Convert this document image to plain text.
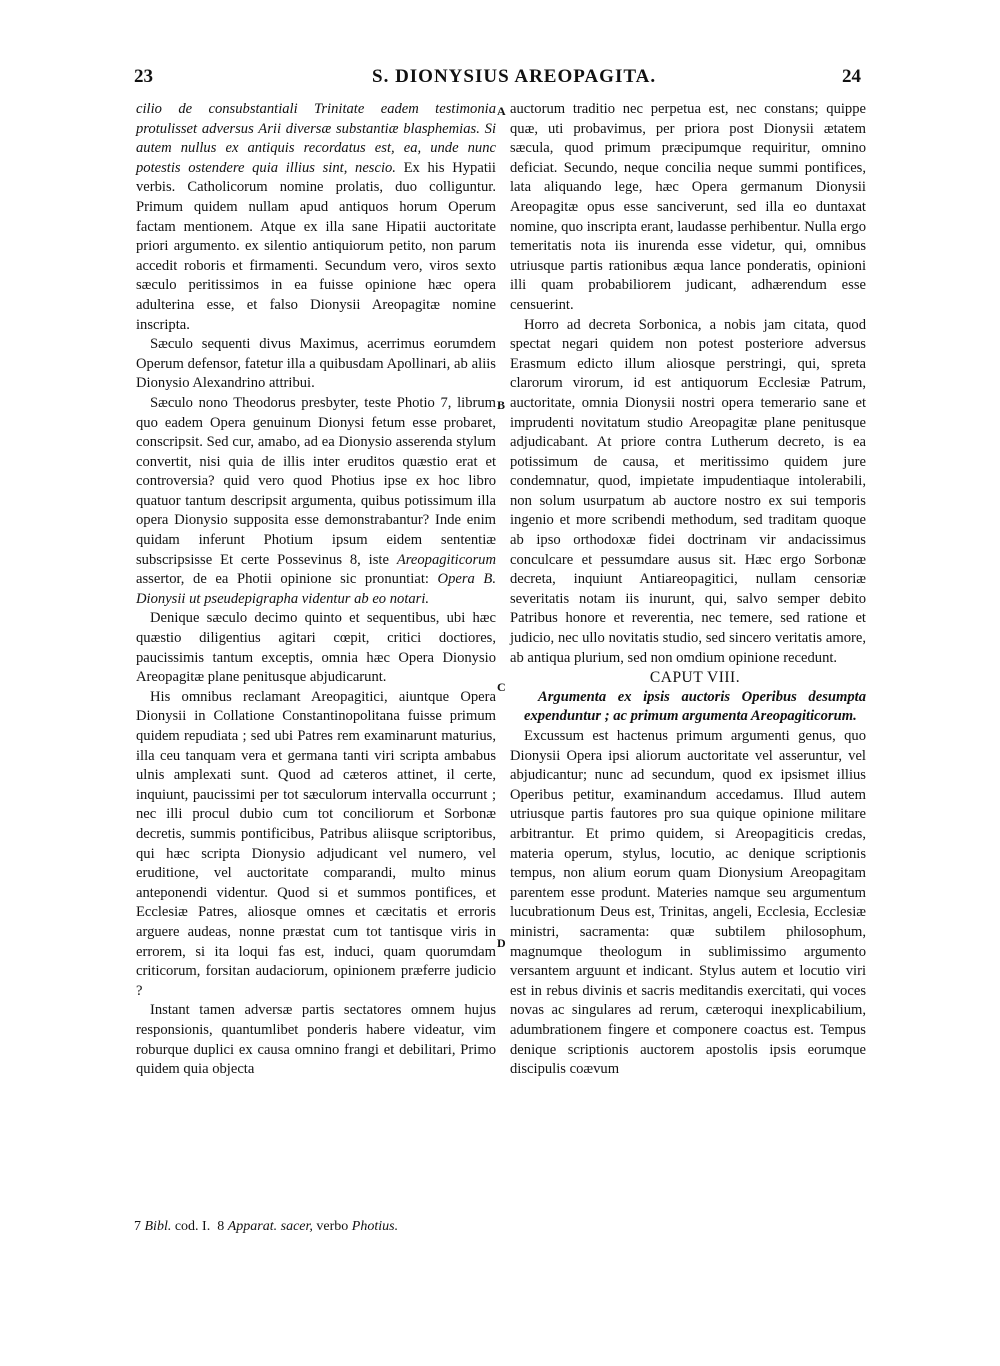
23	S. DIONYSIUS AREOPAGITA.	24
A
B
C
D

cilio de consubstantiali Trinitate eadem testimonia protulisset adversus Arii diversæ substantiæ blasphemias. Si autem nullus ex antiquis recordatus est, ea, unde nunc potestis ostendere quia illius sint, nescio. Ex his Hypatii verbis. Catholicorum nomine prolatis, duo colliguntur. Primum quidem nullam apud antiquos horum Operum factam mentionem. Atque ex illa sane Hipatii auctoritate priori argumento. ex silentio antiquiorum petito, non parum accedit roboris et firmamenti. Secundum vero, viros sexto sæculo peritissimos in ea fuisse opinione hæc opera adulterina esse, et falso Dionysii Areopagitæ nomine inscripta.

Sæculo sequenti divus Maximus, acerrimus eorumdem Operum defensor, fatetur illa a quibusdam Apollinari, ab aliis Dionysio Alexandrino attribui.

Sæculo nono Theodorus presbyter, teste Photio 7, librum quo eadem Opera genuinum Dionysi fetum esse probaret, conscripsit. Sed cur, amabo, ad ea Dionysio asserenda stylum convertit, nisi quia de illis inter eruditos quæstio erat et controversia? quid vero quod Photius ipse ex hoc libro quatuor tantum descripsit argumenta, quibus potissimum illa opera Dionysio supposita esse demonstrabantur? Inde enim quidam inferunt Photium ipsum eidem sententiæ subscripsisse Et certe Possevinus 8, iste Areopagiticorum assertor, de ea Photii opinione sic pronuntiat: Opera B. Dionysii ut pseudepigrapha videntur ab eo notari.

Denique sæculo decimo quinto et sequentibus, ubi hæc quæstio diligentius agitari cœpit, critici doctiores, paucissimis tantum exceptis, omnia hæc Opera Dionysio Areopagitæ plane penitusque abjudicarunt.

His omnibus reclamant Areopagitici, aiuntque Opera Dionysii in Collatione Constantinopolitana fuisse primum quidem repudiata ; sed ubi Patres rem examinarunt maturius, illa ceu tanquam vera et germana tanti viri scripta ambabus ulnis amplexati sunt. Quod ad cæteros attinet, il certe, inquiunt, paucissimi per tot sæculorum intervalla occurrunt ; nec illi procul dubio cum tot conciliorum et Sorbonæ decretis, summis pontificibus, Patribus aliisque scriptoribus, qui hæc scripta Dionysio adjudicant vel numero, vel eruditione, vel auctoritate comparandi, multo minus anteponendi videntur. Quod si et summos pontifices, et Ecclesiæ Patres, aliosque omnes et cæcitatis et erroris arguere audeas, nonne præstat cum tot tantisque viris in errorem, si ita loqui fas est, induci, quam quorumdam criticorum, forsitan audaciorum, opinionem præferre judicio ?

Instant tamen adversæ partis sectatores omnem hujus responsionis, quantumlibet ponderis habere videatur, vim roburque duplici ex causa omnino frangi et debilitari, Primo quidem quia objecta

auctorum traditio nec perpetua est, nec constans; quippe quæ, uti probavimus, per priora post Dionysii ætatem sæcula, quod primum præcipumque requiritur, omnino deficiat. Secundo, neque concilia neque summi pontifices, lata aliquando lege, hæc Opera germanum Dionysii Areopagitæ opus esse sanciverunt, sed illa eo duntaxat nomine, quo inscripta erant, laudasse perhibentur. Nulla ergo temeritatis nota iis inurenda esse videtur, qui, omnibus utriusque partis rationibus æqua lance ponderatis, opinioni illi quam probabiliorem judicant, adhærendum esse censuerint.

Horro ad decreta Sorbonica, a nobis jam citata, quod spectat negari quidem non potest posteriore adversus Erasmum edicto illum aliosque perstringi, qui, spreta clarorum virorum, id est antiquorum Ecclesiæ Patrum, auctoritate, omnia Dionysii nostri opera temerario sane et imprudenti novitatum studio Areopagitæ plane penitusque adjudicabant. At priore contra Lutherum decreto, is ea potissimum de causa, et meritissimo quidem jure condemnatur, quod, impietate impudentiaque intolerabili, non solum usurpatum ab auctore nostro ex sui temporis ingenio et more scribendi methodum, sed traditam quoque ab ipso orthodoxæ fidei doctrinam vir andacissimus conculcare et pessumdare ausus sit. Hæc ergo Sorbonæ decreta, inquiunt Antiareopagitici, nullam censoriæ severitatis notam iis inurunt, qui, salvo semper debito Patribus honore et reverentia, nec temere, sed ratione et judicio, nec ullo novitatis studio, sed sincero veritatis amore, ab antiqua plurium, sed non omdium opinione recedunt.

CAPUT VIII.

Argumenta ex ipsis auctoris Operibus desumpta expenduntur ; ac primum argumenta Areopagiticorum.

Excussum est hactenus primum argumenti genus, quo Dionysii Opera ipsi aliorum auctoritate vel asseruntur, vel abjudicantur; nunc ad secundum, quod ex ipsismet illius Operibus petitur, examinandum accedamus. Illud autem utriusque partis fautores pro sua quique opinione militare arbitrantur. Et primo quidem, si Areopagiticis credas, materia operum, stylus, locutio, ac denique scriptionis tempus, non alium eorum quam Dionysium Areopagitam parentem esse produnt. Materies namque seu argumentum lucubrationum Deus est, Trinitas, angeli, Ecclesia, Ecclesiæ ministri, sacramenta: quæ subtilem philosophum, magnumque theologum in sublimissimo argumento versantem arguunt et indicant. Stylus autem et locutio viri est in rebus divinis et sacris meditandis exercitati, qui voces novas ac singulares ad rerum, cæteroqui inexplicabilium, adumbrationem fingere et componere coactus est. Tempus denique scriptionis auctorem apostolis ipsis eorumque discipulis coævum

7 Bibl. cod. I. 8 Apparat. sacer, verbo Photius.
